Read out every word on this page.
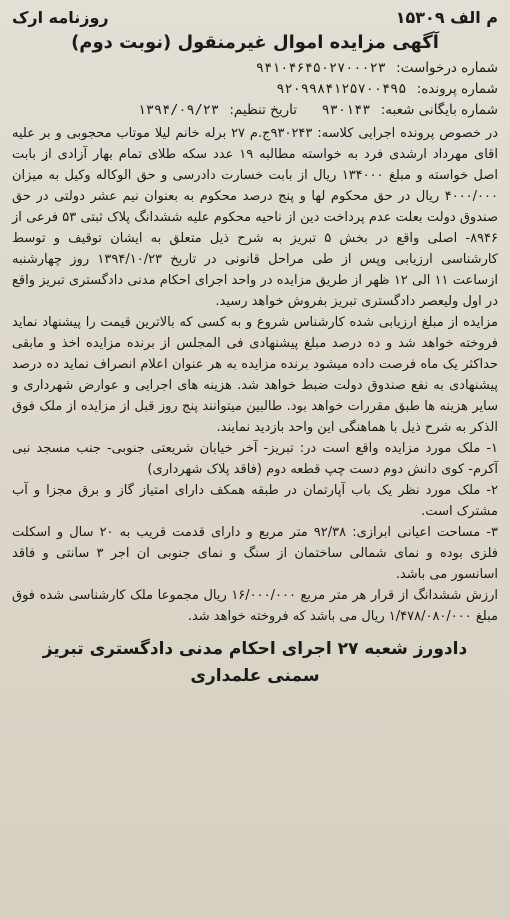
م الف ۱۵۳۰۹
روزنامه ارک
آگهی مزایده اموال غیرمنقول (نوبت دوم)
شماره درخواست: ۹۴۱۰۴۶۴۵۰۲۷۰۰۰۲۳
شماره پرونده: ۹۲۰۹۹۸۴۱۲۵۷۰۰۴۹۵
شماره بایگانی شعبه: ۹۳۰۱۴۳  تاریخ تنظیم: ۱۳۹۴/۰۹/۲۳

در خصوص پرونده اجرایی کلاسه: ۹۳۰۲۴۳ج.م ۲۷ برله خانم لیلا موتاب محجوبی و بر علیه اقای مهرداد ارشدی فرد به خواسته مطالبه ۱۹ عدد سکه طلای تمام بهار آزادی از بابت اصل خواسته و مبلغ ۱۳۴۰۰۰ ریال از بابت خسارت دادرسی و حق الوکاله وکیل به میزان ۴۰۰۰/۰۰۰ ریال در حق محکوم لها و پنج درصد محکوم به بعنوان نیم عشر دولتی در حق صندوق دولت بعلت عدم پرداخت دین از ناحیه محکوم علیه ششدانگ پلاک ثبتی ۵۳ فرعی از ۸۹۴۶- اصلی واقع در بخش ۵ تبریز به شرح ذیل متعلق به ایشان توقیف و توسط کارشناسی ارزیابی وپس از طی مراحل قانونی در تاریخ ۱۳۹۴/۱۰/۲۳ روز چهارشنبه ازساعت ۱۱ الی ۱۲ ظهر از طریق مزایده در واحد اجرای احکام مدنی دادگستری تبریز واقع در اول ولیعصر دادگستری تبریز بفروش خواهد رسید.

مزایده از مبلغ ارزیابی شده کارشناس شروع و به کسی که بالاترین قیمت را پیشنهاد نماید فروخته خواهد شد و ده درصد مبلغ پیشنهادی فی المجلس از برنده مزایده اخذ و مابقی حداکثر یک ماه فرصت داده میشود برنده مزایده به هر عنوان اعلام انصراف نماید ده درصد پیشنهادی به نفع صندوق دولت ضبط خواهد شد. هزینه های اجرایی و عوارض شهرداری و سایر هزینه ها طبق مقررات خواهد بود. طالبین میتوانند پنج روز قبل از مزایده از ملک فوق الذکر به شرح ذیل با هماهنگی این واحد بازدید نمایند.

۱- ملک مورد مزایده واقع است در: تبریز- آخر خیابان شریعتی جنوبی- جنب مسجد نبی آکرم- کوی دانش دوم دست چپ قطعه دوم (فاقد پلاک شهرداری)

۲- ملک مورد نظر یک باب آپارتمان در طبقه همکف دارای امتیاز گاز و برق مجزا و آب مشترک است.

۳- مساحت اعیانی ابرازی: ۹۲/۳۸ متر مربع و دارای قدمت قریب به ۲۰ سال و اسکلت فلزی بوده و نمای شمالی ساختمان از سنگ و نمای جنوبی ان اجر ۳ سانتی و فاقد اسانسور می باشد.

ارزش ششدانگ از قرار هر متر مربع ۱۶/۰۰۰/۰۰۰ ریال مجموعا ملک کارشناسی شده فوق مبلغ ۱/۴۷۸/۰۸۰/۰۰۰ ریال می باشد که فروخته خواهد شد.

دادورز شعبه ۲۷ اجرای احکام مدنی دادگستری تبریز
سمنی علمداری
